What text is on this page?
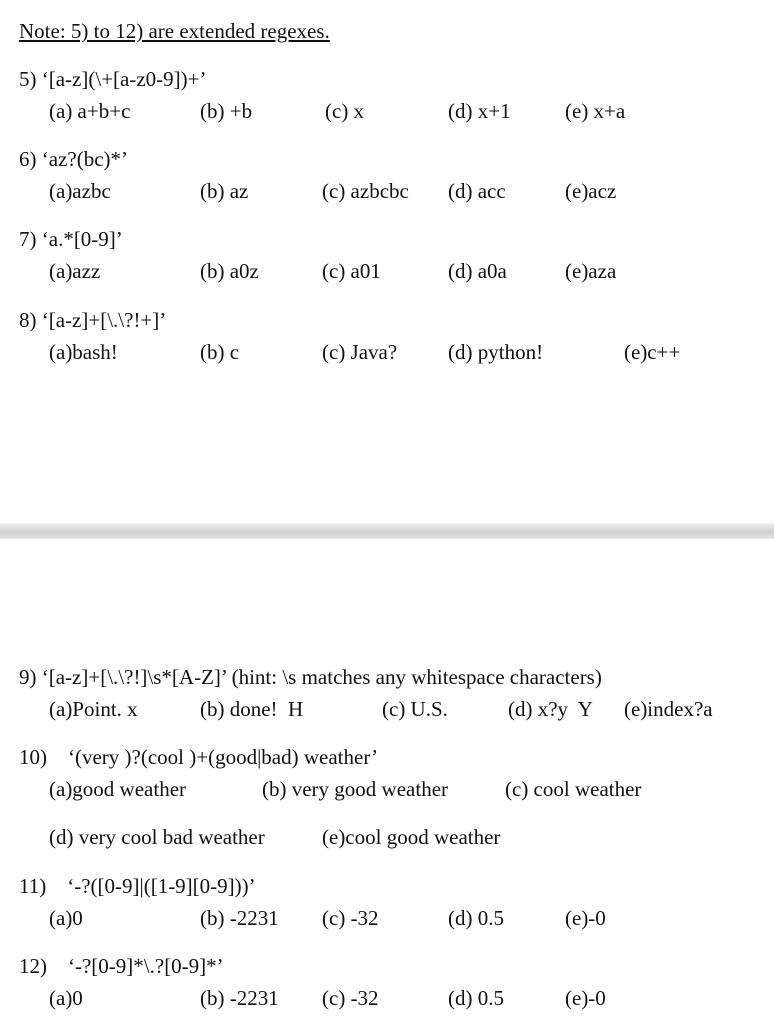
Note: 5) to 12) are extended regexes.
5) ‘[a-z](\+[a-z0-9])+’
(a) a+b+c	(b) +b	(c) x	(d) x+1	(e) x+a
6) ‘az?(bc)*’
(a)azbc	(b) az	(c) azbcbc (d) acc	(e)acz
7) ‘a.*[0-9]’
(a)azz	(b) a0z	(c) a01	(d) a0a	(e)aza
8) ‘[a-z]+[\.\?!+]’
(a)bash!	(b) c	(c) Java? (d) python!	(e)c++
9) ‘[a-z]+[\.\?!]\s*[A-Z]’ (hint: \s matches any whitespace characters)
(a)Point. x	(b) done!  H	(c) U.S.	(d) x?y  Y (e)index?a
10) ‘(very )?(cool )+(good|bad) weather’
(a)good weather	(b) very good weather	(c) cool weather
(d) very cool bad weather	(e)cool good weather
11) ‘-?([0-9]|([1-9][0-9]))’
(a)0	(b) -2231 (c) -32	(d) 0.5	(e)-0
12) ‘-?[0-9]*\.?[0-9]*’
(a)0	(b) -2231 (c) -32	(d) 0.5	(e)-0
